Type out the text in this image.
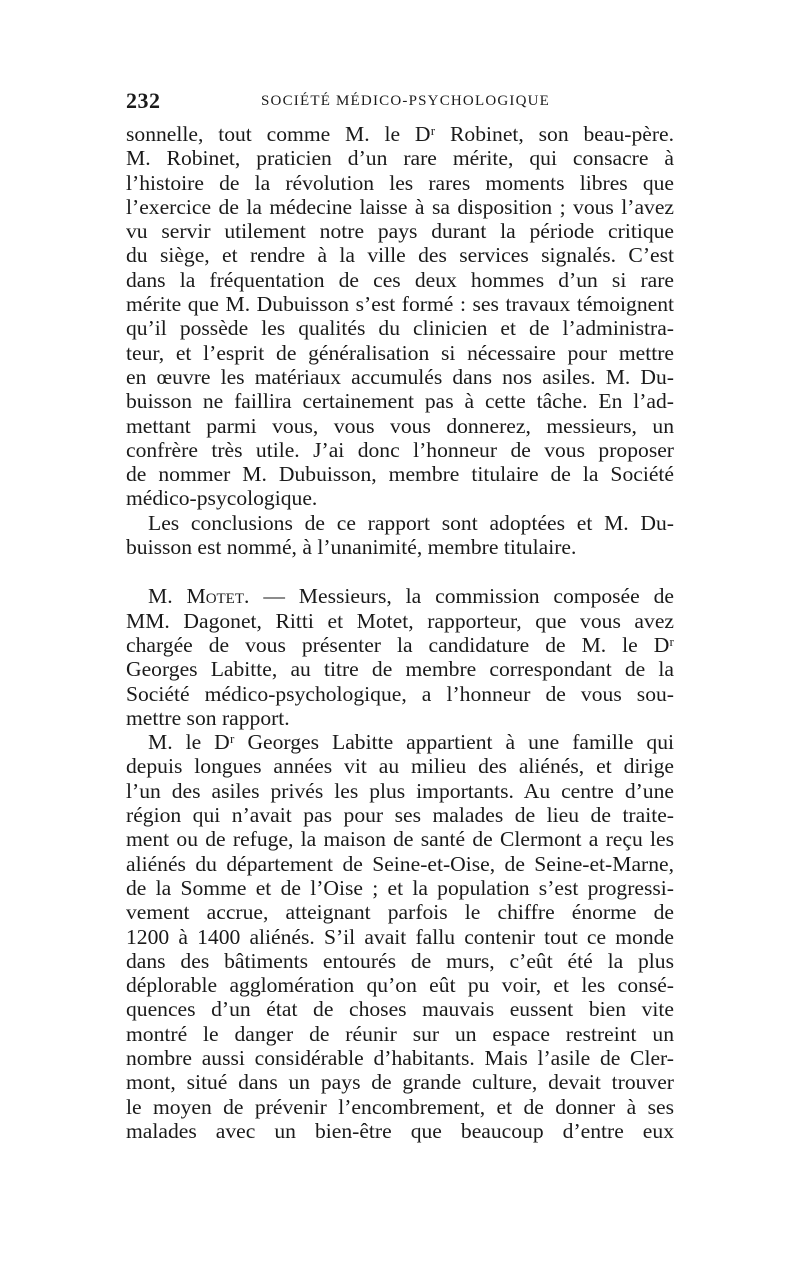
232	SOCIÉTÉ MÉDICO-PSYCHOLOGIQUE
sonnelle, tout comme M. le Dʳ Robinet, son beau-père.
M. Robinet, praticien d’un rare mérite, qui consacre à
l’histoire de la révolution les rares moments libres que
l’exercice de la médecine laisse à sa disposition ; vous l’avez
vu servir utilement notre pays durant la période critique
du siège, et rendre à la ville des services signalés. C’est
dans la fréquentation de ces deux hommes d’un si rare
mérite que M. Dubuisson s’est formé : ses travaux témoignent
qu’il possède les qualités du clinicien et de l’administra-
teur, et l’esprit de généralisation si nécessaire pour mettre
en œuvre les matériaux accumulés dans nos asiles. M. Du-
buisson ne faillira certainement pas à cette tâche. En l’ad-
mettant parmi vous, vous vous donnerez, messieurs, un
confrère très utile. J’ai donc l’honneur de vous proposer
de nommer M. Dubuisson, membre titulaire de la Société
médico-psycologique.
Les conclusions de ce rapport sont adoptées et M. Du-
buisson est nommé, à l’unanimité, membre titulaire.
M. Motet. — Messieurs, la commission composée de
MM. Dagonet, Ritti et Motet, rapporteur, que vous avez
chargée de vous présenter la candidature de M. le Dʳ
Georges Labitte, au titre de membre correspondant de la
Société médico-psychologique, a l’honneur de vous sou-
mettre son rapport.
M. le Dʳ Georges Labitte appartient à une famille qui
depuis longues années vit au milieu des aliénés, et dirige
l’un des asiles privés les plus importants. Au centre d’une
région qui n’avait pas pour ses malades de lieu de traite-
ment ou de refuge, la maison de santé de Clermont a reçu les
aliénés du département de Seine-et-Oise, de Seine-et-Marne,
de la Somme et de l’Oise ; et la population s’est progressi-
vement accrue, atteignant parfois le chiffre énorme de
1200 à 1400 aliénés. S’il avait fallu contenir tout ce monde
dans des bâtiments entourés de murs, c’eût été la plus
déplorable agglomération qu’on eût pu voir, et les consé-
quences d’un état de choses mauvais eussent bien vite
montré le danger de réunir sur un espace restreint un
nombre aussi considérable d’habitants. Mais l’asile de Cler-
mont, situé dans un pays de grande culture, devait trouver
le moyen de prévenir l’encombrement, et de donner à ses
malades avec un bien-être que beaucoup d’entre eux
